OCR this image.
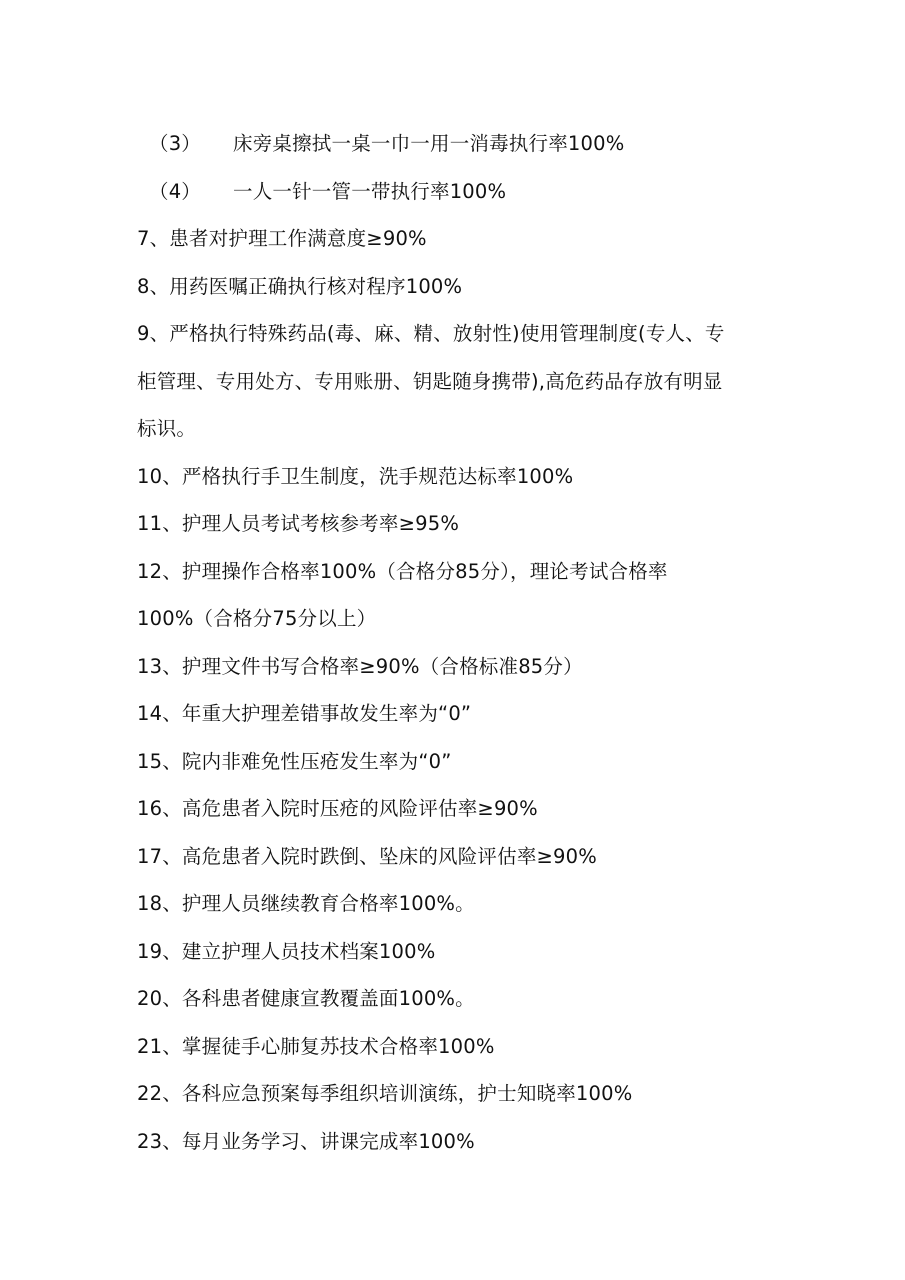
（3） 床旁桌擦拭一桌一巾一用一消毒执行率100%
（4） 一人一针一管一带执行率100%
7、患者对护理工作满意度≥90%
8、用药医嘱正确执行核对程序100%
9、严格执行特殊药品(毒、麻、精、放射性)使用管理制度(专人、专
柜管理、专用处方、专用账册、钥匙随身携带),高危药品存放有明显
标识。
10、严格执行手卫生制度，洗手规范达标率100%
11、护理人员考试考核参考率≥95%
12、护理操作合格率100%（合格分85分），理论考试合格率
100%（合格分75分以上）
13、护理文件书写合格率≥90%（合格标准85分）
14、年重大护理差错事故发生率为“0”
15、院内非难免性压疮发生率为“0”
16、高危患者入院时压疮的风险评估率≥90%
17、高危患者入院时跌倒、坠床的风险评估率≥90%
18、护理人员继续教育合格率100%。
19、建立护理人员技术档案100%
20、各科患者健康宣教覆盖面100%。
21、掌握徒手心肺复苏技术合格率100%
22、各科应急预案每季组织培训演练，护士知晓率100%
23、每月业务学习、讲课完成率100%
